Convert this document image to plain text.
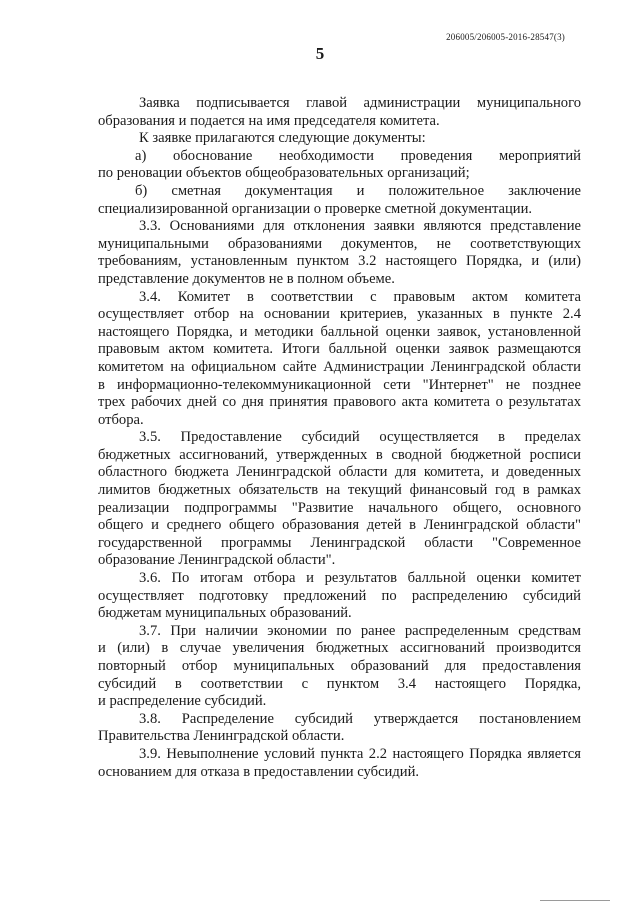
206005/206005-2016-28547(3)
5
Заявка подписывается главой администрации муниципального
образования и подается на имя председателя комитета.
К заявке прилагаются следующие документы:
а) обоснование необходимости проведения мероприятий
по реновации объектов общеобразовательных организаций;
б) сметная документация и положительное заключение
специализированной организации о проверке сметной документации.
3.3. Основаниями для отклонения заявки являются представление
муниципальными образованиями документов, не соответствующих
требованиям, установленным пунктом 3.2 настоящего Порядка, и (или)
представление документов не в полном объеме.
3.4. Комитет в соответствии с правовым актом комитета
осуществляет отбор на основании критериев, указанных в пункте 2.4
настоящего Порядка, и методики балльной оценки заявок, установленной
правовым актом комитета. Итоги балльной оценки заявок размещаются
комитетом на официальном сайте Администрации Ленинградской области
в информационно-телекоммуникационной сети "Интернет" не позднее
трех рабочих дней со дня принятия правового акта комитета о результатах
отбора.
3.5. Предоставление субсидий осуществляется в пределах
бюджетных ассигнований, утвержденных в сводной бюджетной росписи
областного бюджета Ленинградской области для комитета, и доведенных
лимитов бюджетных обязательств на текущий финансовый год в рамках
реализации подпрограммы "Развитие начального общего, основного
общего и среднего общего образования детей в Ленинградской области"
государственной программы Ленинградской области "Современное
образование Ленинградской области".
3.6. По итогам отбора и результатов балльной оценки комитет
осуществляет подготовку предложений по распределению субсидий
бюджетам муниципальных образований.
3.7. При наличии экономии по ранее распределенным средствам
и (или) в случае увеличения бюджетных ассигнований производится
повторный отбор муниципальных образований для предоставления
субсидий в соответствии с пунктом 3.4 настоящего Порядка,
и распределение субсидий.
3.8. Распределение субсидий утверждается постановлением
Правительства Ленинградской области.
3.9. Невыполнение условий пункта 2.2 настоящего Порядка является
основанием для отказа в предоставлении субсидий.
